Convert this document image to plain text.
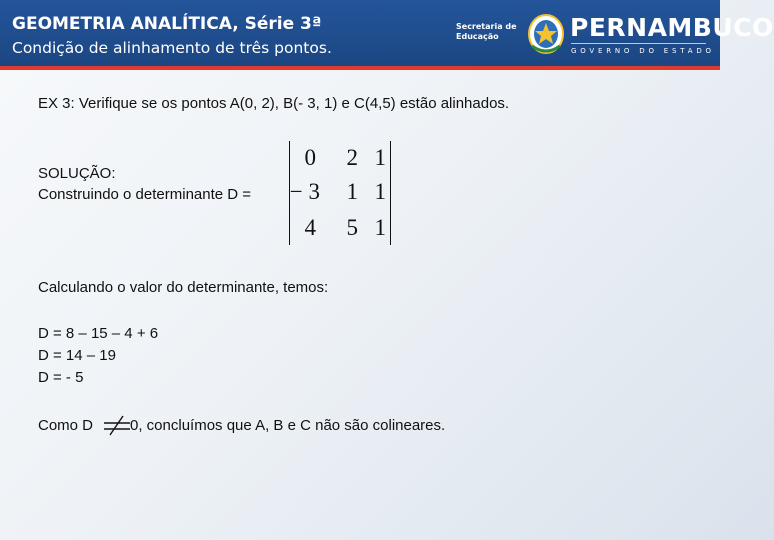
GEOMETRIA ANALÍTICA, Série 3ª
Condição de alinhamento de três pontos.
Secretaria de
Educação	PERNAMBUCO
GOVERNO DO ESTADO
EX 3: Verifique se os pontos A(0, 2), B(- 3, 1) e C(4,5) estão alinhados.
SOLUÇÃO:
Construindo o determinante D =
0	2 1
− 3	1 1
4	5 1
Calculando o valor do determinante, temos:
D = 8 – 15 – 4 + 6
D = 14 – 19
D = - 5
Como D 0, concluímos que A, B e C não são colineares.
